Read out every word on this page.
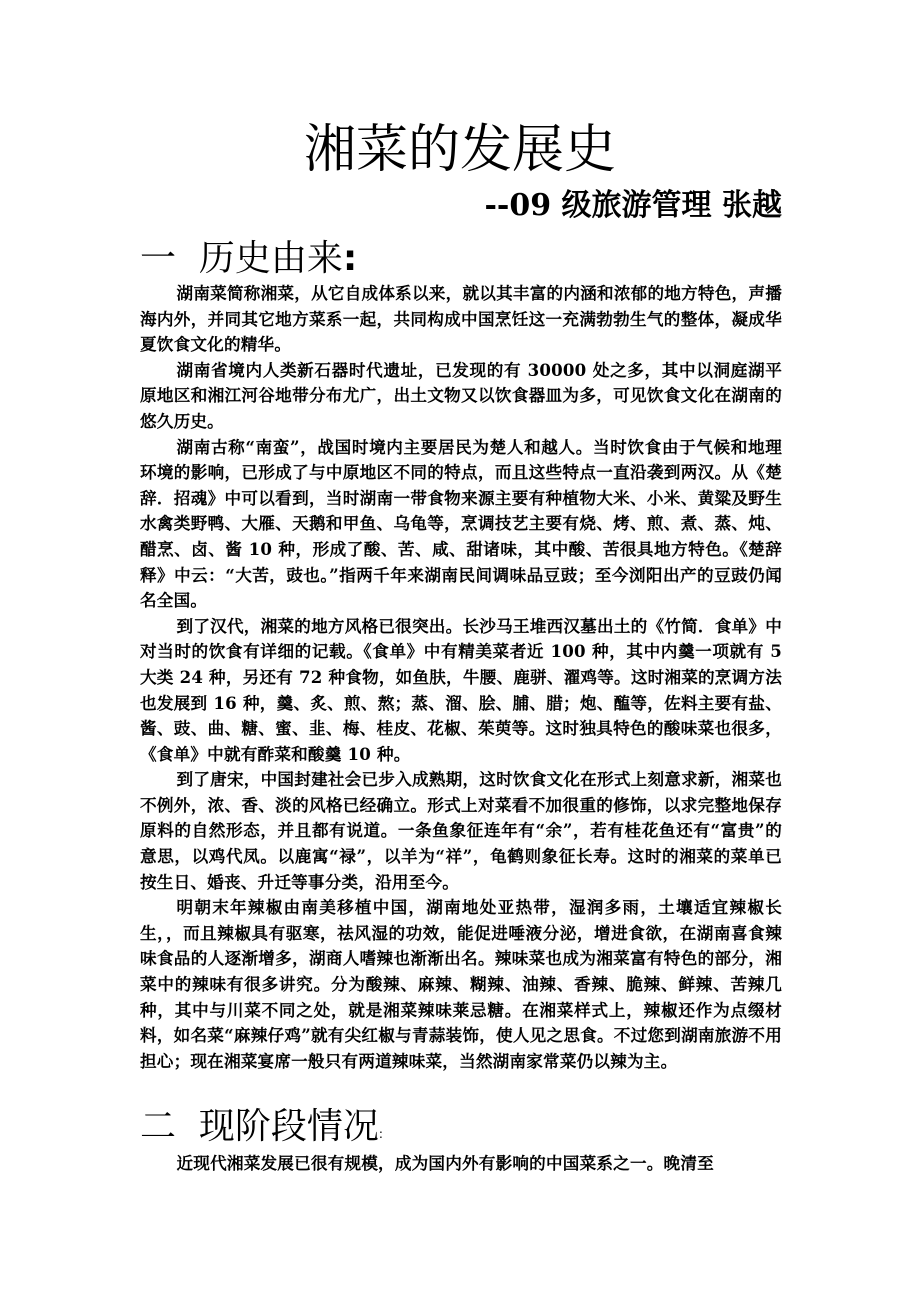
湘菜的发展史
--09 级旅游管理 张越
一 历史由来:

湖南菜简称湘菜，从它自成体系以来，就以其丰富的内涵和浓郁的地方特色，声播海内外，并同其它地方菜系一起，共同构成中国烹饪这一充满勃勃生气的整体，凝成华夏饮食文化的精华。

湖南省境内人类新石器时代遗址，已发现的有 30000 处之多，其中以洞庭湖平原地区和湘江河谷地带分布尤广，出土文物又以饮食器皿为多，可见饮食文化在湖南的悠久历史。

湖南古称“南蛮”，战国时境内主要居民为楚人和越人。当时饮食由于气候和地理环境的影响，已形成了与中原地区不同的特点，而且这些特点一直沿袭到两汉。从《楚辞．招魂》中可以看到，当时湖南一带食物来源主要有种植物大米、小米、黄粱及野生水禽类野鸭、大雁、天鹅和甲鱼、乌龟等，烹调技艺主要有烧、烤、煎、煮、蒸、炖、醋烹、卤、酱 10 种，形成了酸、苦、咸、甜诸味，其中酸、苦很具地方特色。《楚辞释》中云：“大苦，豉也。”指两千年来湖南民间调味品豆豉；至今浏阳出产的豆豉仍闻名全国。

到了汉代，湘菜的地方风格已很突出。长沙马王堆西汉墓出土的《竹简．食单》中对当时的饮食有详细的记载。《食单》中有精美菜者近 100 种，其中内羹一项就有 5 大类 24 种，另还有 72 种食物，如鱼肤，牛腰、鹿骈、濯鸡等。这时湘菜的烹调方法也发展到 16 种，羹、炙、煎、熬；蒸、溜、脍、脯、腊；炮、醢等，佐料主要有盐、酱、豉、曲、糖、蜜、韭、梅、桂皮、花椒、茱萸等。这时独具特色的酸味菜也很多，《食单》中就有酢菜和酸羹 10 种。

到了唐宋，中国封建社会已步入成熟期，这时饮食文化在形式上刻意求新，湘菜也不例外，浓、香、淡的风格已经确立。形式上对菜看不加很重的修饰，以求完整地保存原料的自然形态，并且都有说道。一条鱼象征连年有“余”，若有桂花鱼还有“富贵”的意思，以鸡代凤。以鹿寓“禄”，以羊为“祥”，龟鹤则象征长寿。这时的湘菜的菜单已按生日、婚丧、升迁等事分类，沿用至今。

明朝末年辣椒由南美移植中国，湖南地处亚热带，湿润多雨，土壤适宜辣椒长生，，而且辣椒具有驱寒，祛风湿的功效，能促进唾液分泌，增进食欲，在湖南喜食辣味食品的人逐渐增多，湖商人嗜辣也渐渐出名。辣味菜也成为湘菜富有特色的部分，湘菜中的辣味有很多讲究。分为酸辣、麻辣、糊辣、油辣、香辣、脆辣、鲜辣、苦辣几种，其中与川菜不同之处，就是湘菜辣味莱忌糖。在湘菜样式上，辣椒还作为点缀材料，如名菜“麻辣仔鸡”就有尖红椒与青蒜装饰，使人见之思食。不过您到湖南旅游不用担心；现在湘菜宴席一般只有两道辣味菜，当然湖南家常菜仍以辣为主。

二 现阶段情况:

近现代湘菜发展已很有规模，成为国内外有影响的中国菜系之一。晚清至
